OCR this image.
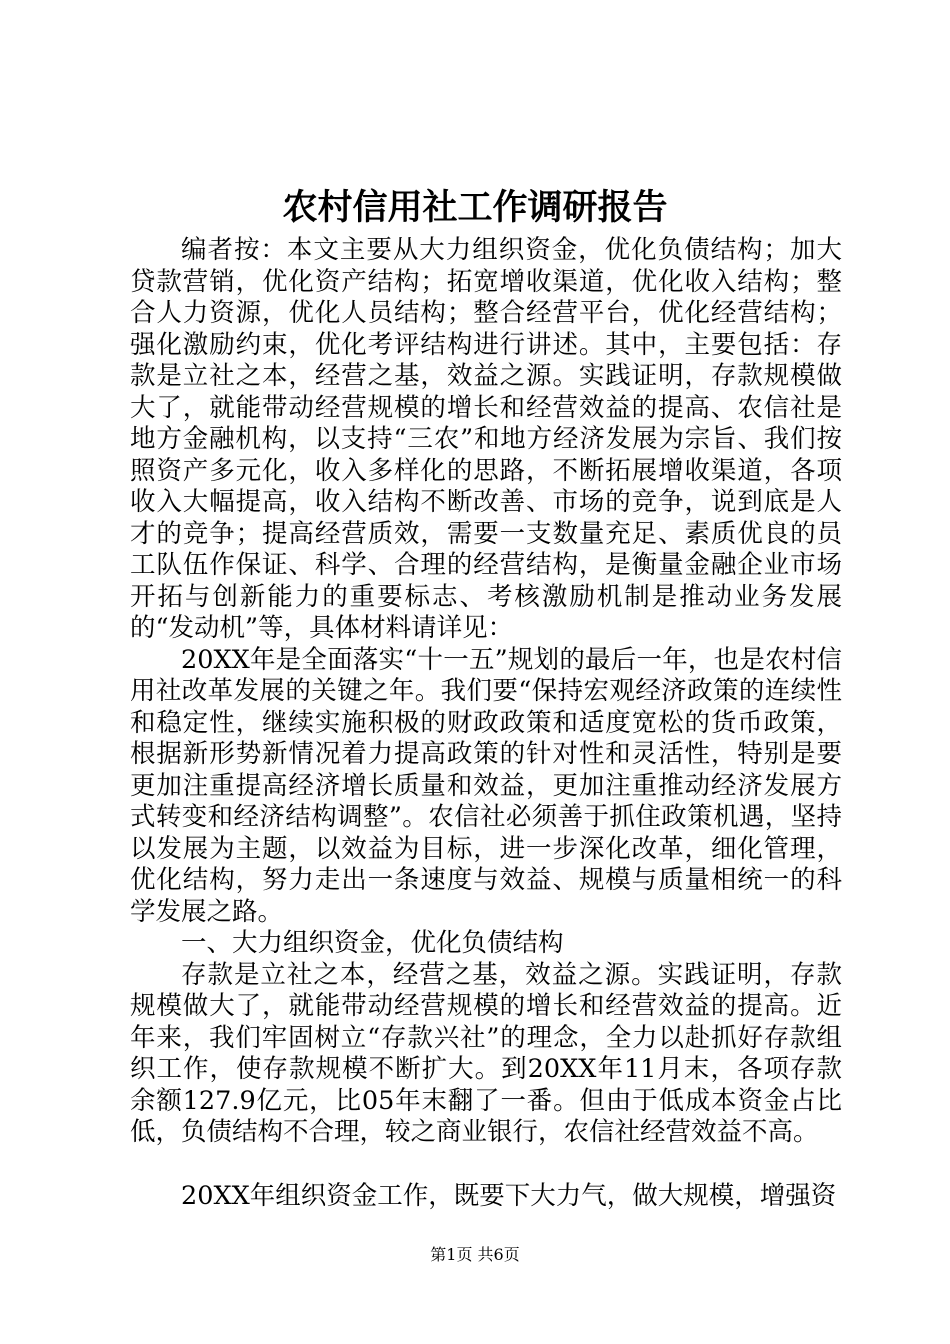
农村信用社工作调研报告

编者按：本文主要从大力组织资金，优化负债结构；加大贷款营销，优化资产结构；拓宽增收渠道，优化收入结构；整合人力资源，优化人员结构；整合经营平台，优化经营结构；强化激励约束，优化考评结构进行讲述。其中，主要包括：存款是立社之本，经营之基，效益之源。实践证明，存款规模做大了，就能带动经营规模的增长和经营效益的提高、农信社是地方金融机构，以支持“三农”和地方经济发展为宗旨、我们按照资产多元化，收入多样化的思路，不断拓展增收渠道，各项收入大幅提高，收入结构不断改善、市场的竞争，说到底是人才的竞争；提高经营质效，需要一支数量充足、素质优良的员工队伍作保证、科学、合理的经营结构，是衡量金融企业市场开拓与创新能力的重要标志、考核激励机制是推动业务发展的“发动机”等，具体材料请详见：

20XX年是全面落实“十一五”规划的最后一年，也是农村信用社改革发展的关键之年。我们要“保持宏观经济政策的连续性和稳定性，继续实施积极的财政政策和适度宽松的货币政策，根据新形势新情况着力提高政策的针对性和灵活性，特别是要更加注重提高经济增长质量和效益，更加注重推动经济发展方式转变和经济结构调整”。农信社必须善于抓住政策机遇，坚持以发展为主题，以效益为目标，进一步深化改革，细化管理，优化结构，努力走出一条速度与效益、规模与质量相统一的科学发展之路。

一、大力组织资金，优化负债结构

存款是立社之本，经营之基，效益之源。实践证明，存款规模做大了，就能带动经营规模的增长和经营效益的提高。近年来，我们牢固树立“存款兴社”的理念，全力以赴抓好存款组织工作，使存款规模不断扩大。到20XX年11月末，各项存款余额127.9亿元，比05年末翻了一番。但由于低成本资金占比低，负债结构不合理，较之商业银行，农信社经营效益不高。

20XX年组织资金工作，既要下大力气，做大规模，增强资

第1页 共6页
